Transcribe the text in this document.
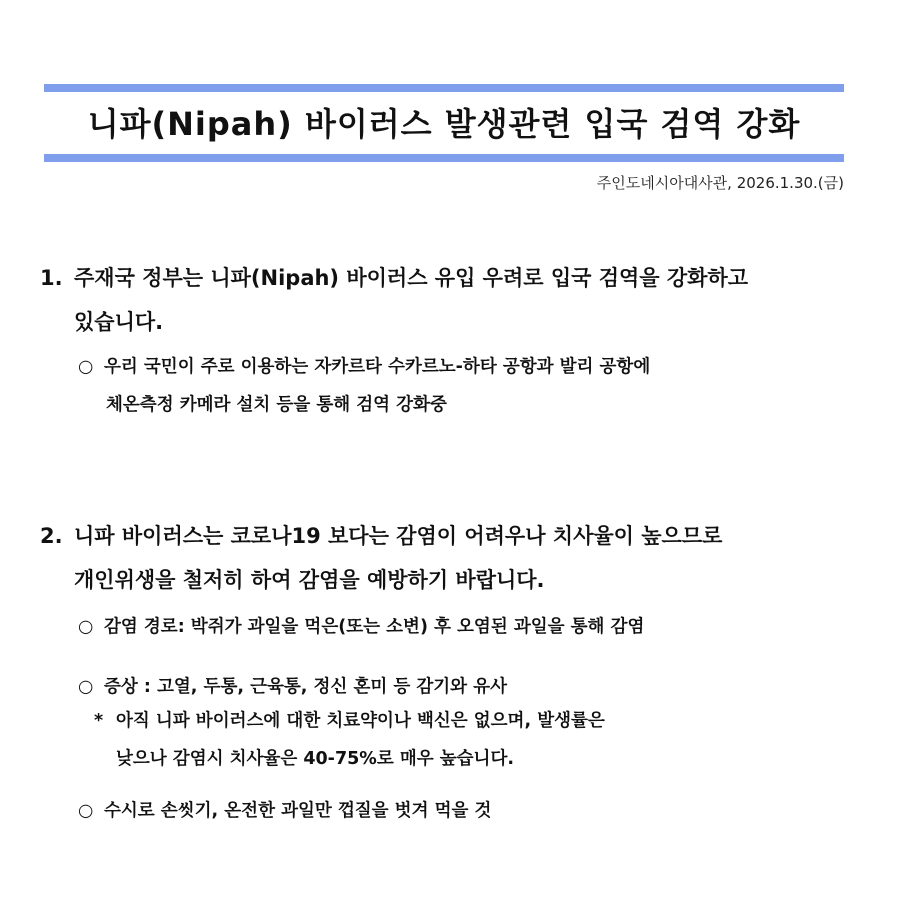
니파(Nipah) 바이러스 발생관련 입국 검역 강화
주인도네시아대사관, 2026.1.30.(금)
1. 주재국 정부는 니파(Nipah) 바이러스 유입 우려로 입국 검역을 강화하고
있습니다.
○ 우리 국민이 주로 이용하는 자카르타 수카르노-하타 공항과 발리 공항에
체온측정 카메라 설치 등을 통해 검역 강화중
2. 니파 바이러스는 코로나19 보다는 감염이 어려우나 치사율이 높으므로
개인위생을 철저히 하여 감염을 예방하기 바랍니다.
○ 감염 경로: 박쥐가 과일을 먹은(또는 소변) 후 오염된 과일을 통해 감염
○ 증상 : 고열, 두통, 근육통, 정신 혼미 등 감기와 유사
* 아직 니파 바이러스에 대한 치료약이나 백신은 없으며, 발생률은
낮으나 감염시 치사율은 40-75%로 매우 높습니다.
○ 수시로 손씻기, 온전한 과일만 껍질을 벗겨 먹을 것
